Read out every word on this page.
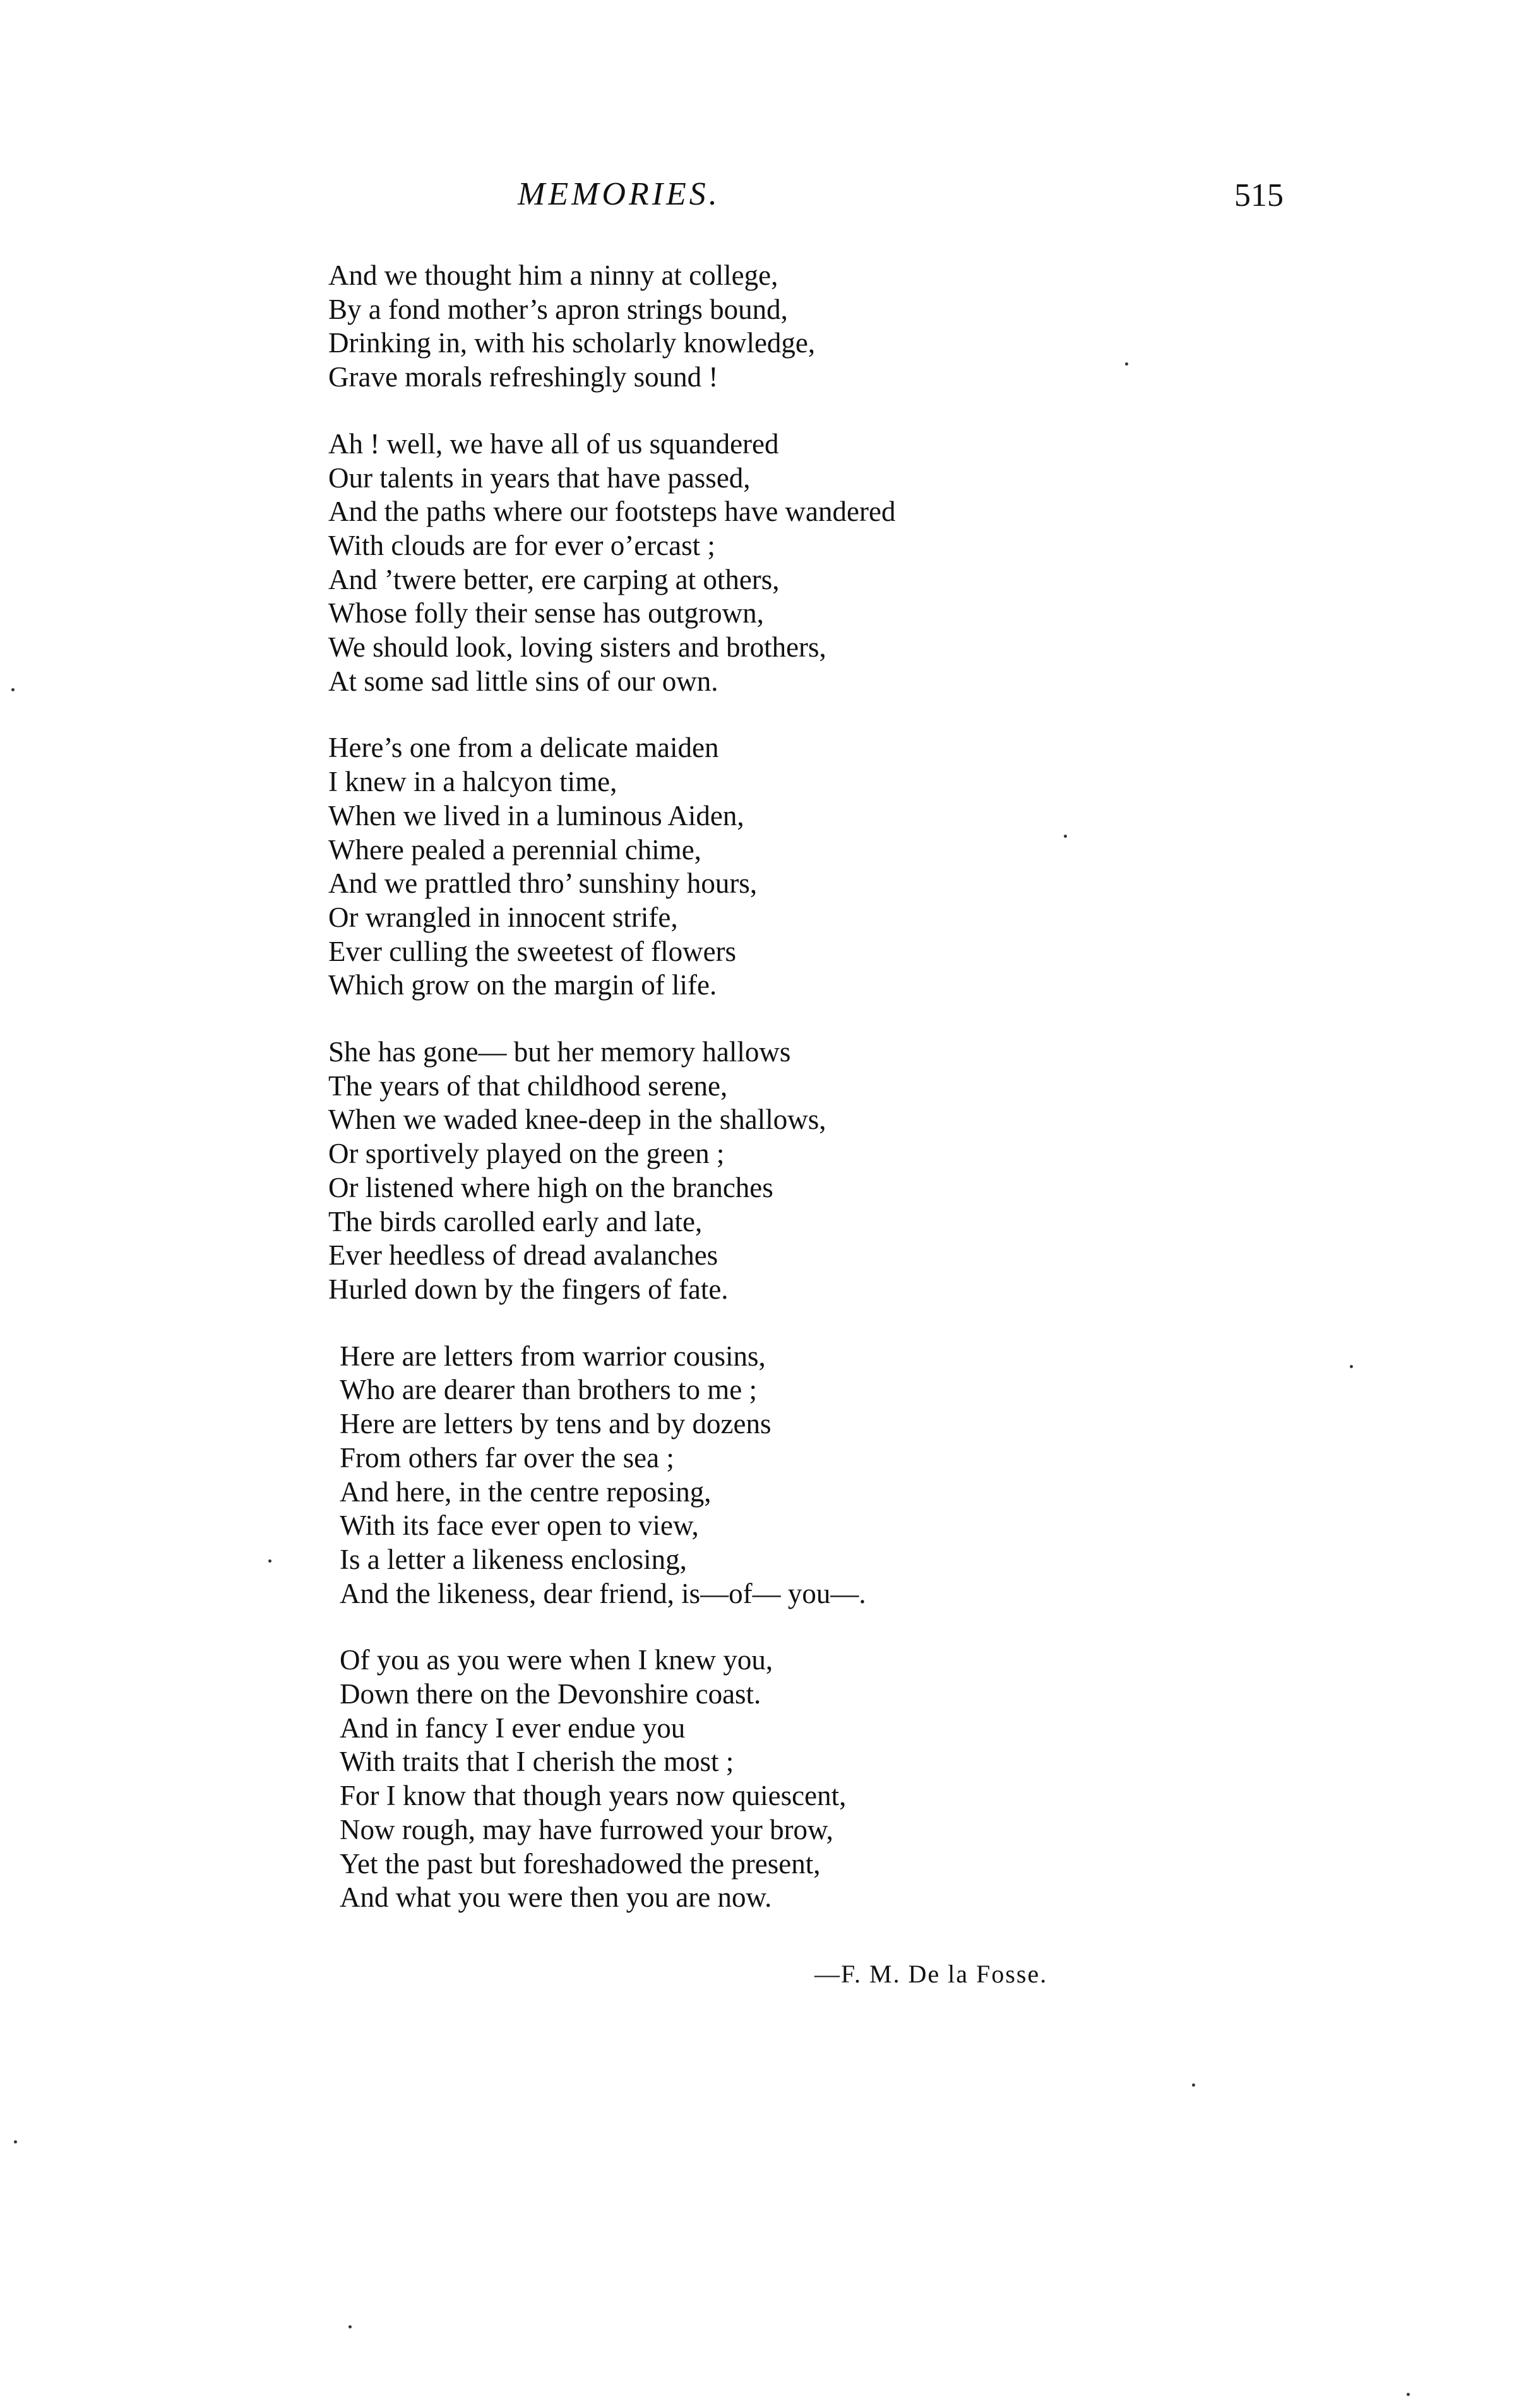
MEMORIES.	515
And we thought him a ninny at college,
By a fond mother’s apron strings bound,
Drinking in, with his scholarly knowledge,
Grave morals refreshingly sound !
Ah ! well, we have all of us squandered
Our talents in years that have passed,
And the paths where our footsteps have wandered
With clouds are for ever o’ercast ;
And ’twere better, ere carping at others,
Whose folly their sense has outgrown,
We should look, loving sisters and brothers,
At some sad little sins of our own.
Here’s one from a delicate maiden
I knew in a halcyon time,
When we lived in a luminous Aiden,
Where pealed a perennial chime,
And we prattled thro’ sunshiny hours,
Or wrangled in innocent strife,
Ever culling the sweetest of flowers
Which grow on the margin of life.
She has gone— but her memory hallows
The years of that childhood serene,
When we waded knee-deep in the shallows,
Or sportively played on the green ;
Or listened where high on the branches
The birds carolled early and late,
Ever heedless of dread avalanches
Hurled down by the fingers of fate.
Here are letters from warrior cousins,
Who are dearer than brothers to me ;
Here are letters by tens and by dozens
From others far over the sea ;
And here, in the centre reposing,
With its face ever open to view,
Is a letter a likeness enclosing,
And the likeness, dear friend, is—of— you—.
Of you as you were when I knew you,
Down there on the Devonshire coast.
And in fancy I ever endue you
With traits that I cherish the most ;
For I know that though years now quiescent,
Now rough, may have furrowed your brow,
Yet the past but foreshadowed the present,
And what you were then you are now.
—F. M. De la Fosse.
